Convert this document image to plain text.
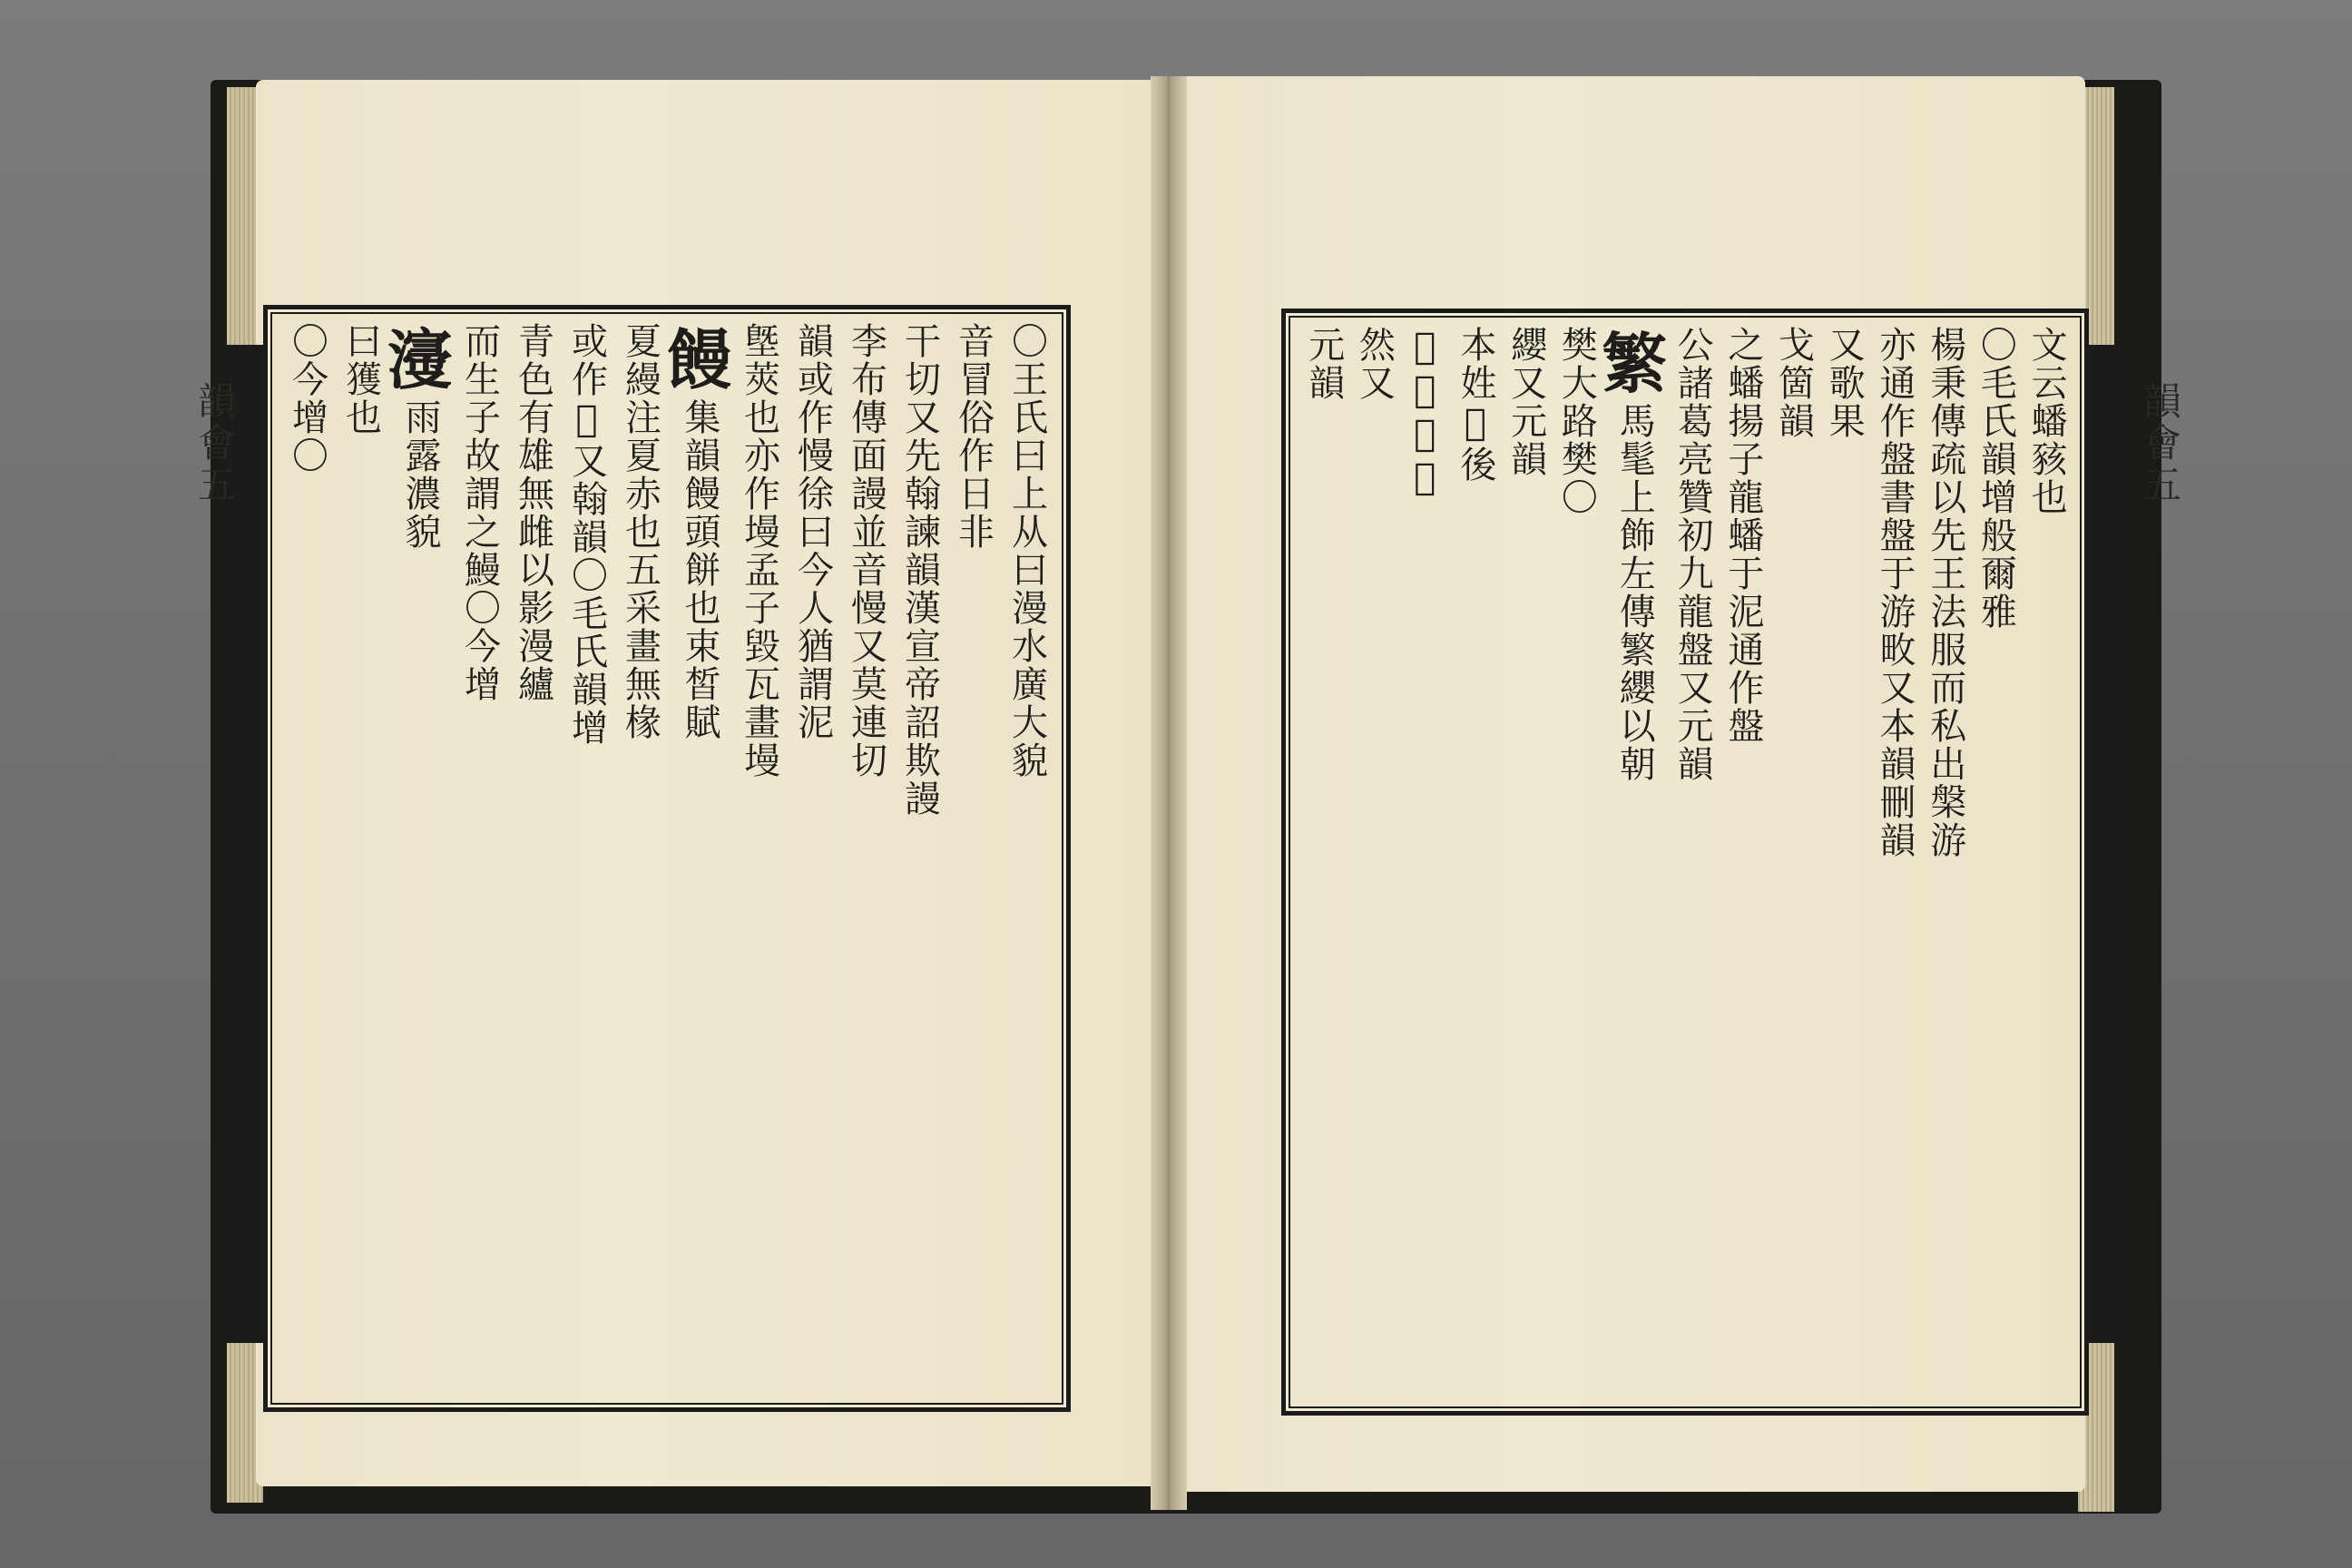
韻會五	韻會五
〇王氏曰上从曰漫水廣大貌
音冒俗作日非
干切又先翰諫韻漢宣帝詔欺謾
李布傳面謾並音慢又莫連切
韻或作慢徐曰今人猶謂泥
墍莢也亦作墁孟子毀瓦畫墁
饅
集韻饅頭餅也束皙賦
夏縵注夏赤也五采畫無椽
或作𦋺又翰韻〇毛氏韻增
青色有雄無雌以影漫纑
而生子故謂之鰻〇今增
濅
雨露濃貌
曰獲也
〇今增〇	文云蟠豥也
〇毛氏韻增般爾雅
楊秉傳疏以先王法服而私出槃游
亦通作盤書盤于游畋又本韻刪韻
又歌果
戈箇韻
之蟠揚子龍蟠于泥通作盤
公諸葛亮贊初九龍盤又元韻
繁
馬髦上飾左傳繁纓以朝
樊大路樊〇
纓又元韻
本姓𩒨後
𢿝為瞞氏
然又
元韻
